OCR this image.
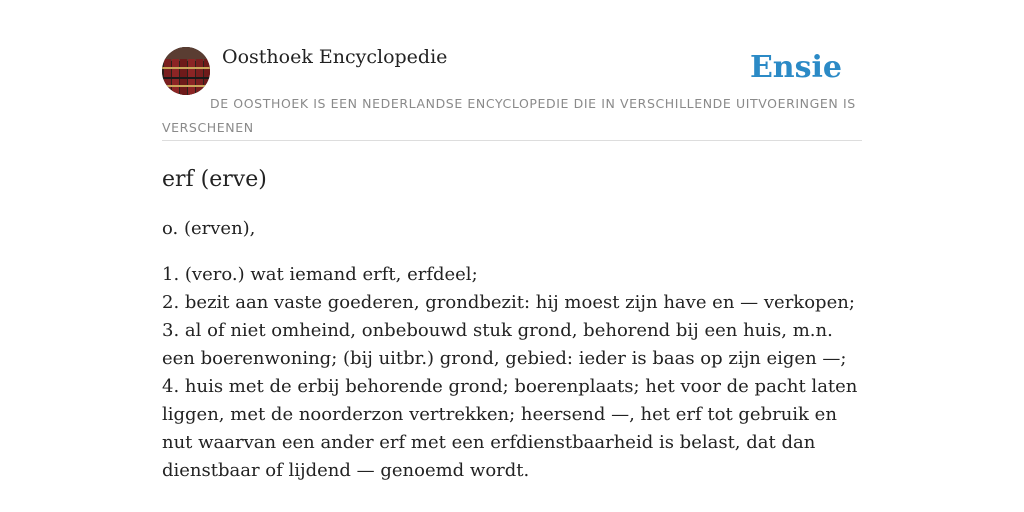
Oosthoek Encyclopedie	Ensie
DE OOSTHOEK IS EEN NEDERLANDSE ENCYCLOPEDIE DIE IN VERSCHILLENDE UITVOERINGEN IS VERSCHENEN
erf (erve)

o. (erven),

1. (vero.) wat iemand erft, erfdeel;
2. bezit aan vaste goederen, grondbezit: hij moest zijn have en — verkopen;
3. al of niet omheind, onbebouwd stuk grond, behorend bij een huis, m.n. een boerenwoning; (bij uitbr.) grond, gebied: ieder is baas op zijn eigen —;
4. huis met de erbij behorende grond; boerenplaats; het voor de pacht laten liggen, met de noorderzon vertrekken; heersend —, het erf tot gebruik en nut waarvan een ander erf met een erfdienstbaarheid is belast, dat dan dienstbaar of lijdend — genoemd wordt.
